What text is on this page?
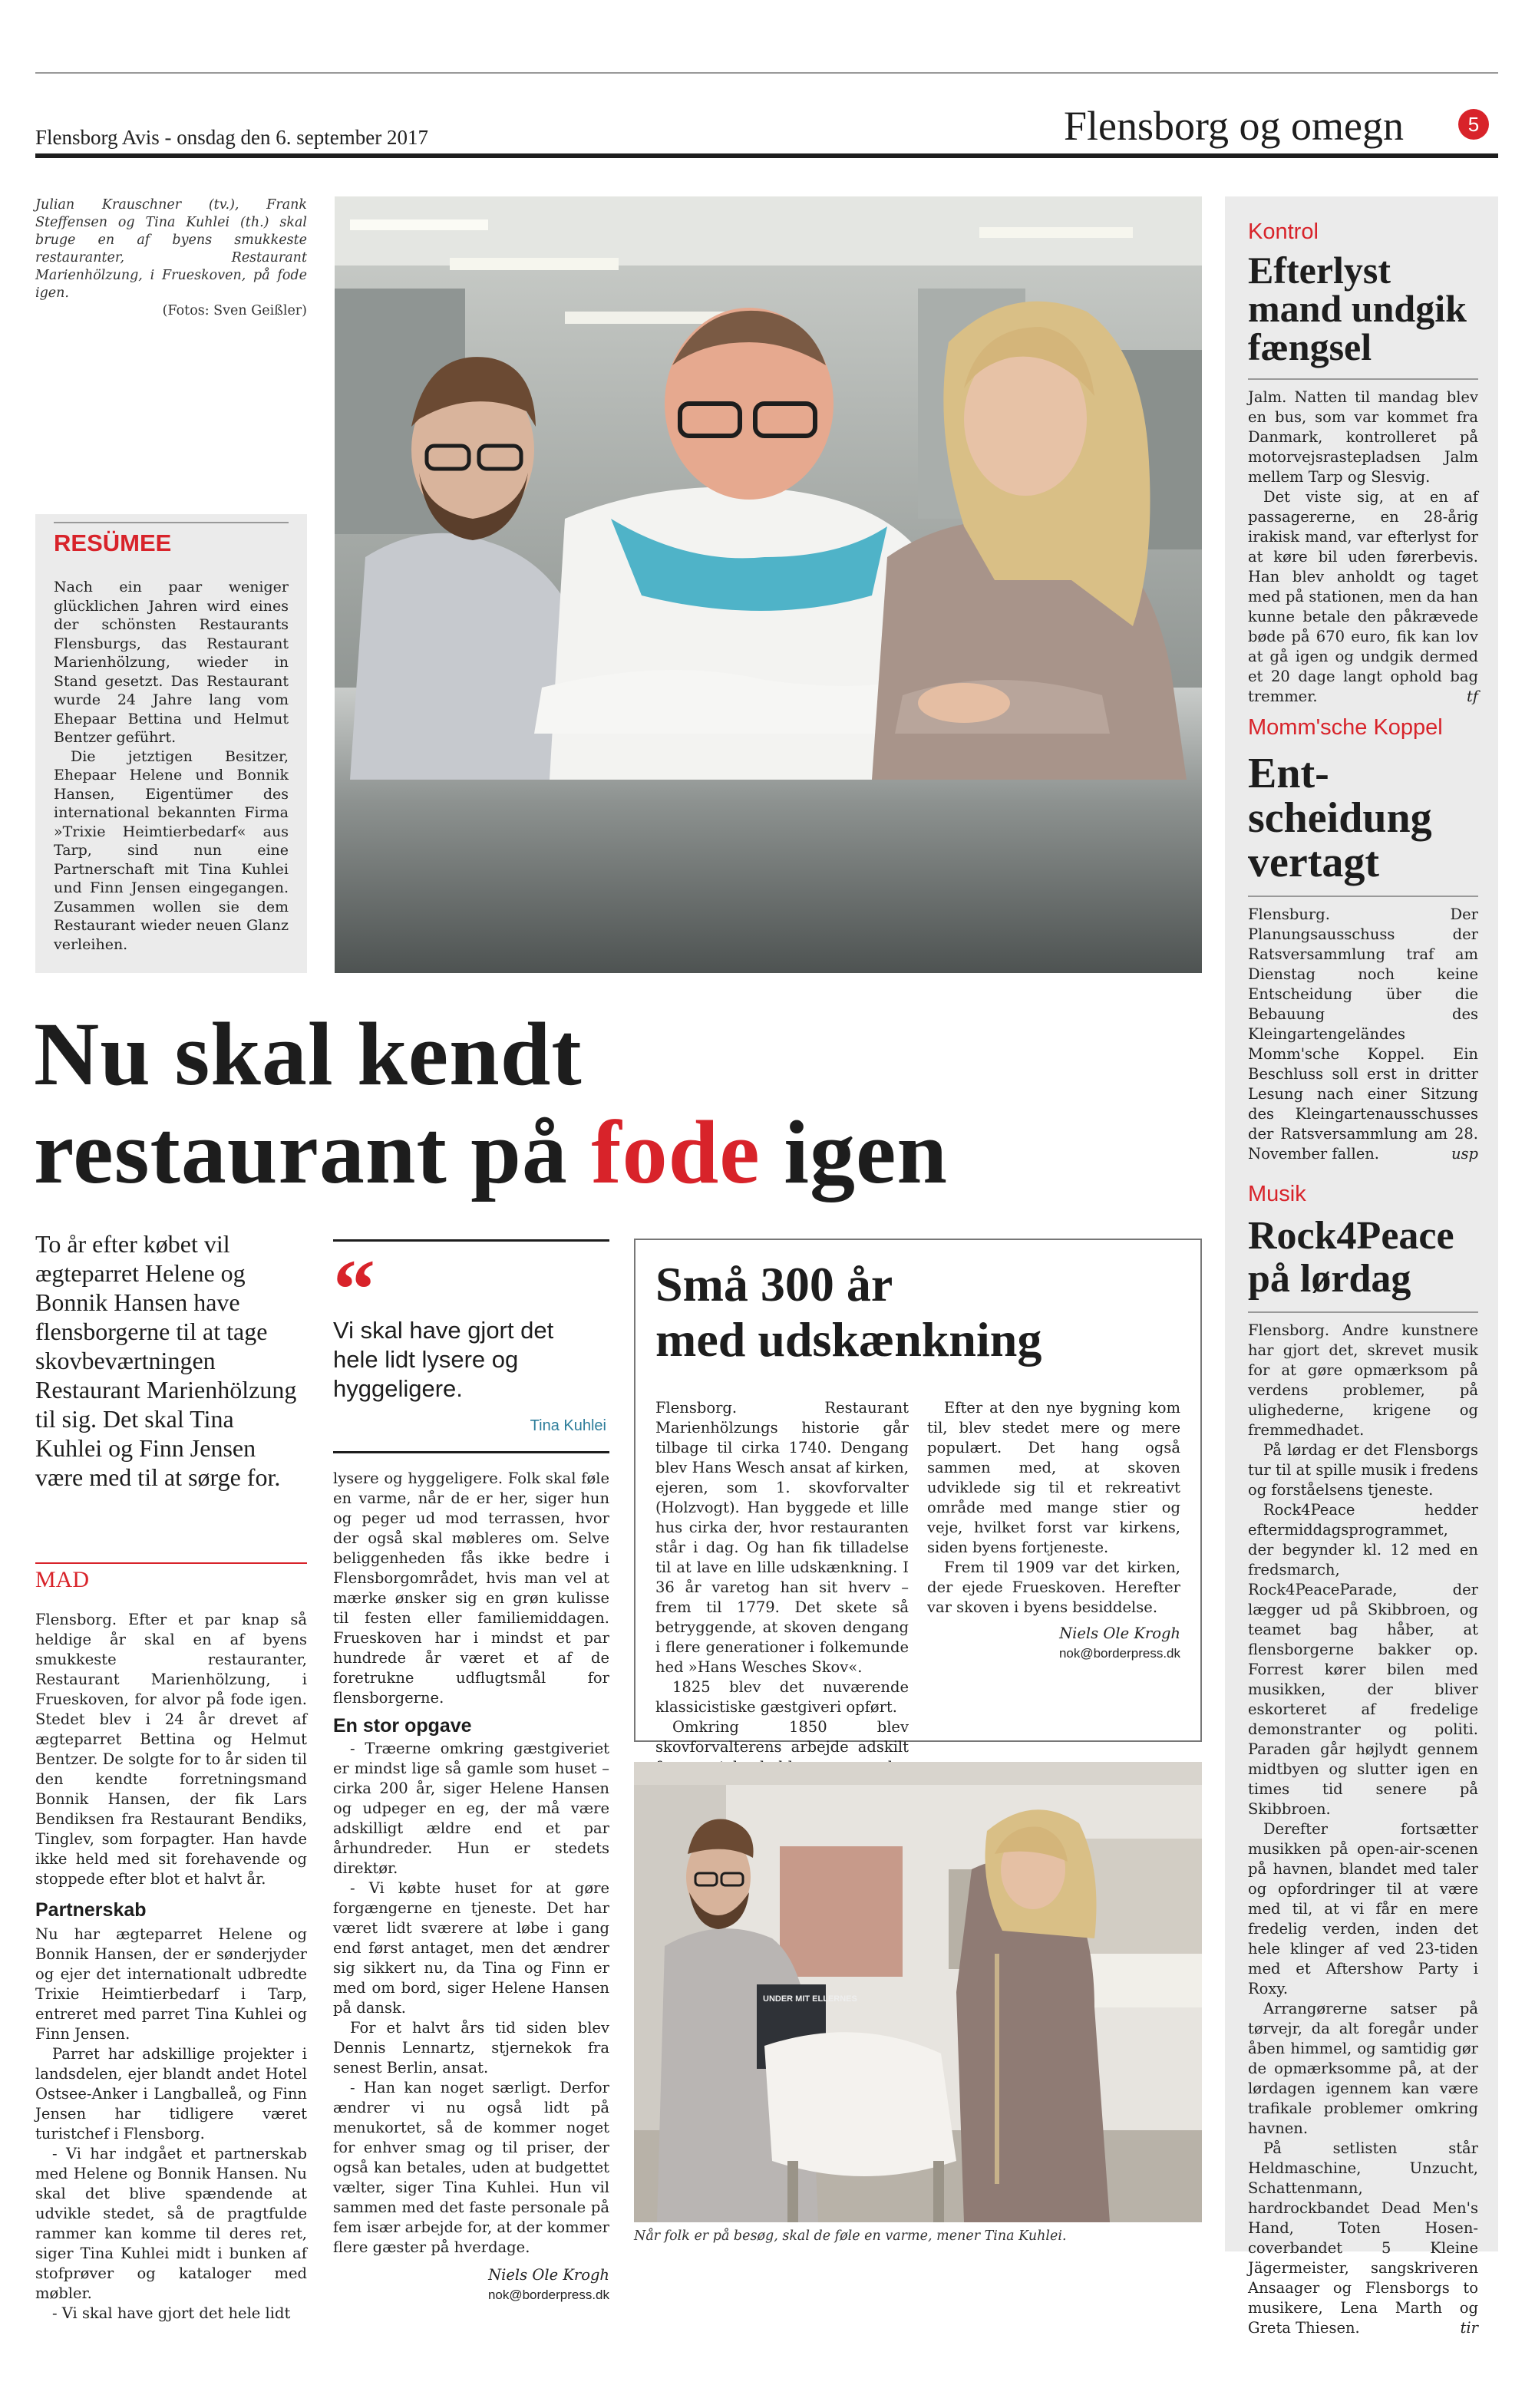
Flensborg Avis - onsdag den 6. september 2017	Flensborg og omegn	5

Julian Krauschner (tv.), Frank Steffensen og Tina Kuhlei (th.) skal bruge en af byens smukkeste restauranter, Restaurant Marienhölzung, i Frueskoven, på fode igen.

(Fotos: Sven Geißler)

RESÜMEE

Nach ein paar weniger glücklichen Jahren wird eines der schönsten Restaurants Flensburgs, das Restaurant Marienhölzung, wieder in Stand gesetzt. Das Restaurant wurde 24 Jahre lang vom Ehepaar Bettina und Helmut Bentzer geführt.

Die jetztigen Besitzer, Ehepaar Helene und Bonnik Hansen, Eigentümer des international bekannten Firma »Trixie Heimtierbedarf« aus Tarp, sind nun eine Partnerschaft mit Tina Kuhlei und Finn Jensen eingegangen. Zusammen wollen sie dem Restaurant wieder neuen Glanz verleihen.

Nu skal kendt
restaurant på fode igen
To år efter købet vil ægteparret Helene og Bonnik Hansen have flensborgerne til at tage skovbeværtningen Restaurant Marienhölzung til sig. Det skal Tina Kuhlei og Finn Jensen være med til at sørge for.
MAD

Flensborg. Efter et par knap så heldige år skal en af byens smukkeste restauranter, Restaurant Marienhölzung, i Frueskoven, for alvor på fode igen. Stedet blev i 24 år drevet af ægteparret Bettina og Helmut Bentzer. De solgte for to år siden til den kendte forretningsmand Bonnik Hansen, der fik Lars Bendiksen fra Restaurant Bendiks, Tinglev, som forpagter. Han havde ikke held med sit forehavende og stoppede efter blot et halvt år.

Partnerskab

Nu har ægteparret Helene og Bonnik Hansen, der er sønderjyder og ejer det internationalt udbredte Trixie Heimtierbedarf i Tarp, entreret med parret Tina Kuhlei og Finn Jensen.

Parret har adskillige projekter i landsdelen, ejer blandt andet Hotel Ostsee-Anker i Langballeå, og Finn Jensen har tidligere været turistchef i Flensborg.

- Vi har indgået et partnerskab med Helene og Bonnik Hansen. Nu skal det blive spændende at udvikle stedet, så de pragtfulde rammer kan komme til deres ret, siger Tina Kuhlei midt i bunken af stofprøver og kataloger med møbler.

- Vi skal have gjort det hele lidt

“
Vi skal have gjort det hele lidt lysere og hyggeligere.
Tina Kuhlei

lysere og hyggeligere. Folk skal føle en varme, når de er her, siger hun og peger ud mod terrassen, hvor der også skal møbleres om. Selve beliggenheden fås ikke bedre i Flensborgområdet, hvis man vel at mærke ønsker sig en grøn kulisse til festen eller familiemiddagen. Frueskoven har i mindst et par hundrede år været et af de foretrukne udflugtsmål for flensborgerne.

En stor opgave

- Træerne omkring gæstgiveriet er mindst lige så gamle som huset – cirka 200 år, siger Helene Hansen og udpeger en eg, der må være adskilligt ældre end et par århundreder. Hun er stedets direktør.

- Vi købte huset for at gøre forgængerne en tjeneste. Det har været lidt sværere at løbe i gang end først antaget, men det ændrer sig sikkert nu, da Tina og Finn er med om bord, siger Helene Hansen på dansk.

For et halvt års tid siden blev Dennis Lennartz, stjernekok fra senest Berlin, ansat.

- Han kan noget særligt. Derfor ændrer vi nu også lidt på menukortet, så de kommer noget for enhver smag og til priser, der også kan betales, uden at budgettet vælter, siger Tina Kuhlei. Hun vil sammen med det faste personale på fem især arbejde for, at der kommer flere gæster på hverdage.

Niels Ole Krogh
nok@borderpress.dk
Små 300 år
med udskænkning

Flensborg. Restaurant Marienhölzungs historie går tilbage til cirka 1740. Dengang blev Hans Wesch ansat af kirken, ejeren, som 1. skovforvalter (Holzvogt). Han byggede et lille hus cirka der, hvor restauranten står i dag. Og han fik tilladelse til at lave en lille udskænkning. I 36 år varetog han sit hverv – frem til 1779. Det skete så betryggende, at skoven dengang i flere generationer i folkemunde hed »Hans Wesches Skov«.

1825 blev det nuværende klassicistiske gæstgiveri opført.

Omkring 1850 blev skovforvalterens arbejde adskilt

Efter at den nye bygning kom til, blev stedet mere og mere populært. Det hang også sammen med, at skoven udviklede sig til et rekreativt område med mange stier og veje, hvilket forst var kirkens, siden byens fortjeneste.

Frem til 1909 var det kirken, der ejede Frueskoven. Herefter var skoven i byens besiddelse.

Niels Ole Krogh
nok@borderpress.dk
UNDER MIT ELLERNES
Når folk er på besøg, skal de føle en varme, mener Tina Kuhlei.
Kontrol
Efterlyst
mand undgik
fængsel

Jalm. Natten til mandag blev en bus, som var kommet fra Danmark, kontrolleret på motorvejsrastepladsen Jalm mellem Tarp og Slesvig.

Det viste sig, at en af passagererne, en 28-årig irakisk mand, var efterlyst for at køre bil uden førerbevis. Han blev anholdt og taget med på stationen, men da han kunne betale den påkrævede bøde på 670 euro, fik kan lov at gå igen og undgik dermed et 20 dage langt ophold bag tremmer.	tf
Momm'sche Koppel
Ent-
scheidung
vertagt

Flensburg. Der Planungsausschuss der Ratsversammlung traf am Dienstag noch keine Entscheidung über die Bebauung des Kleingartengeländes Momm'sche Koppel. Ein Beschluss soll erst in dritter Lesung nach einer Sitzung des Kleingartenausschusses der Ratsversammlung am 28. November fallen.	usp
Musik
Rock4Peace
på lørdag

Flensborg. Andre kunstnere har gjort det, skrevet musik for at gøre opmærksom på verdens problemer, på ulighederne, krigene og fremmedhadet.

På lørdag er det Flensborgs tur til at spille musik i fredens og forståelsens tjeneste.

Rock4Peace hedder eftermiddagsprogrammet, der begynder kl. 12 med en fredsmarch, Rock4PeaceParade, der lægger ud på Skibbroen, og teamet bag håber, at flensborgerne bakker op. Forrest kører bilen med musikken, der bliver eskorteret af fredelige demonstranter og politi. Paraden går højlydt gennem midtbyen og slutter igen en times tid senere på Skibbroen.

Derefter fortsætter musikken på open-air-scenen på havnen, blandet med taler og opfordringer til at være med til, at vi får en mere fredelig verden, inden det hele klinger af ved 23-tiden med et Aftershow Party i Roxy.

Arrangørerne satser på tørvejr, da alt foregår under åben himmel, og samtidig gør de opmærksomme på, at der lørdagen igennem kan være trafikale problemer omkring havnen.

På setlisten står Heldmaschine, Unzucht, Schattenmann, hardrockbandet Dead Men's Hand, Toten Hosen-coverbandet 5 Kleine Jägermeister, sangskriveren Ansaager og Flensborgs to musikere, Lena Marth og Greta Thiesen.	tir
